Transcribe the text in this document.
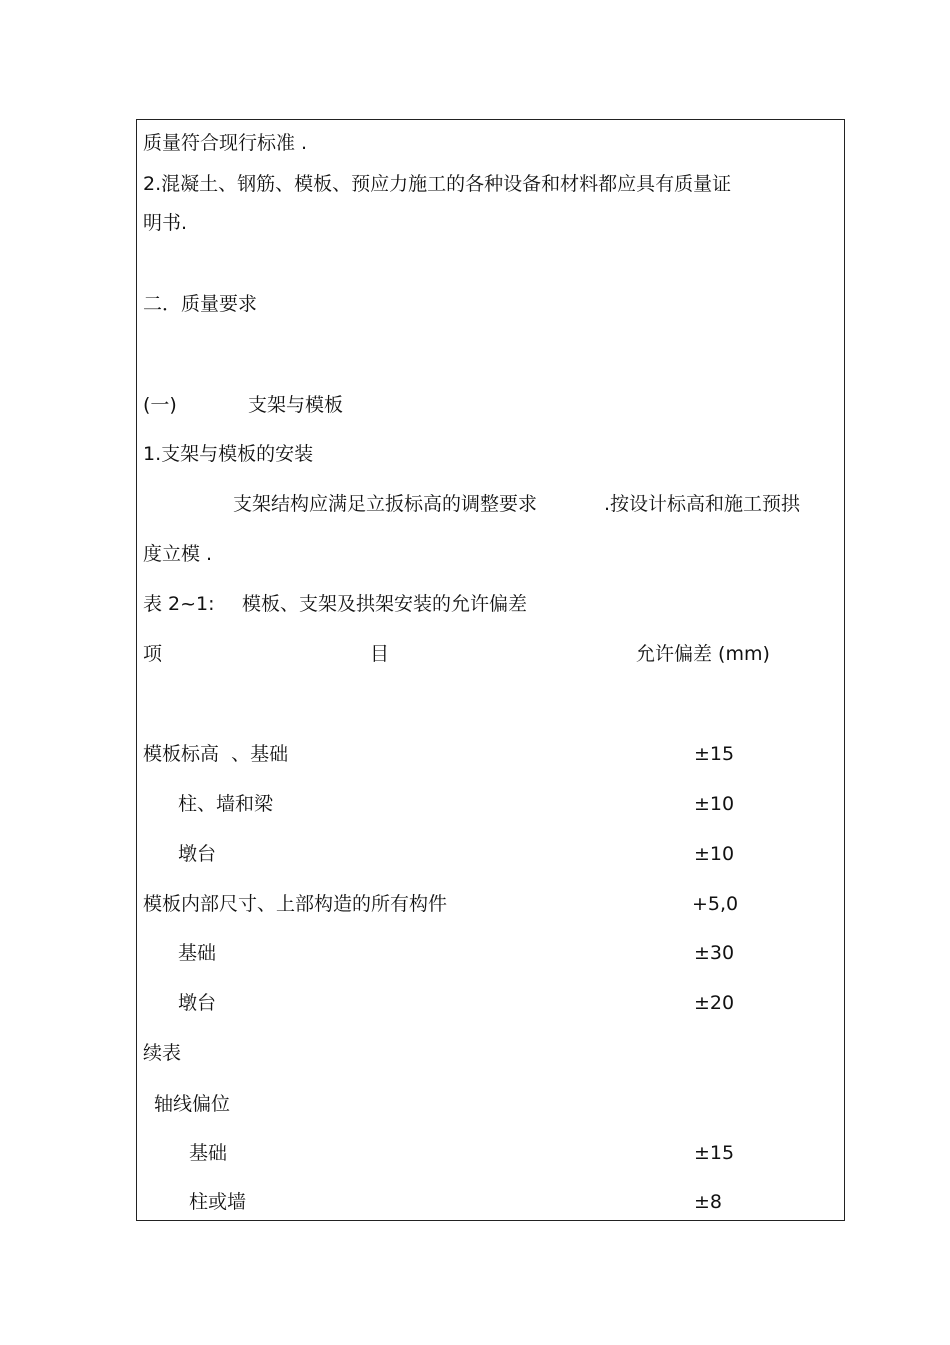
质量符合现行标准 .
2.混凝土、钢筋、模板、预应力施工的各种设备和材料都应具有质量证
明书.
二．质量要求
(一)	支架与模板
1.支架与模板的安装
支架结构应满足立扳标高的调整要求	.按设计标高和施工预拱
度立模 .
表 2~1: 模板、支架及拱架安装的允许偏差
项	目	允许偏差 (mm)
模板标高  、基础	±15
柱、墙和梁	±10
墩台	±10
模板内部尺寸、上部构造的所有构件	+5,0
基础	±30
墩台	±20
续表
轴线偏位
基础	±15
柱或墙	±8
